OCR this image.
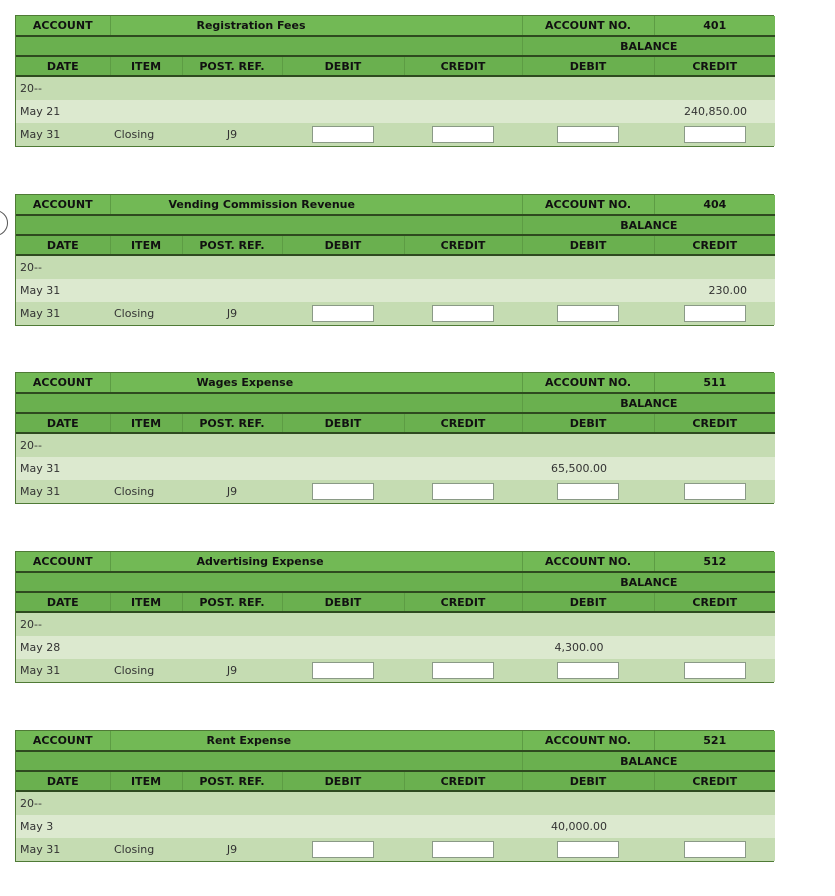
ACCOUNT	Registration Fees				ACCOUNT NO.	401
					BALANCE	
DATE	ITEM	POST. REF.	DEBIT	CREDIT	DEBIT	CREDIT
20--						
May 21						240,850.00
May 31	Closing	J9				
ACCOUNT	Vending Commission Revenue				ACCOUNT NO.	404
					BALANCE	
DATE	ITEM	POST. REF.	DEBIT	CREDIT	DEBIT	CREDIT
20--						
May 31						230.00
May 31	Closing	J9				
ACCOUNT	Wages Expense				ACCOUNT NO.	511
					BALANCE	
DATE	ITEM	POST. REF.	DEBIT	CREDIT	DEBIT	CREDIT
20--						
May 31					65,500.00	
May 31	Closing	J9				
ACCOUNT	Advertising Expense				ACCOUNT NO.	512
					BALANCE	
DATE	ITEM	POST. REF.	DEBIT	CREDIT	DEBIT	CREDIT
20--						
May 28					4,300.00	
May 31	Closing	J9				
ACCOUNT	Rent Expense				ACCOUNT NO.	521
					BALANCE	
DATE	ITEM	POST. REF.	DEBIT	CREDIT	DEBIT	CREDIT
20--						
May 3					40,000.00	
May 31	Closing	J9				
